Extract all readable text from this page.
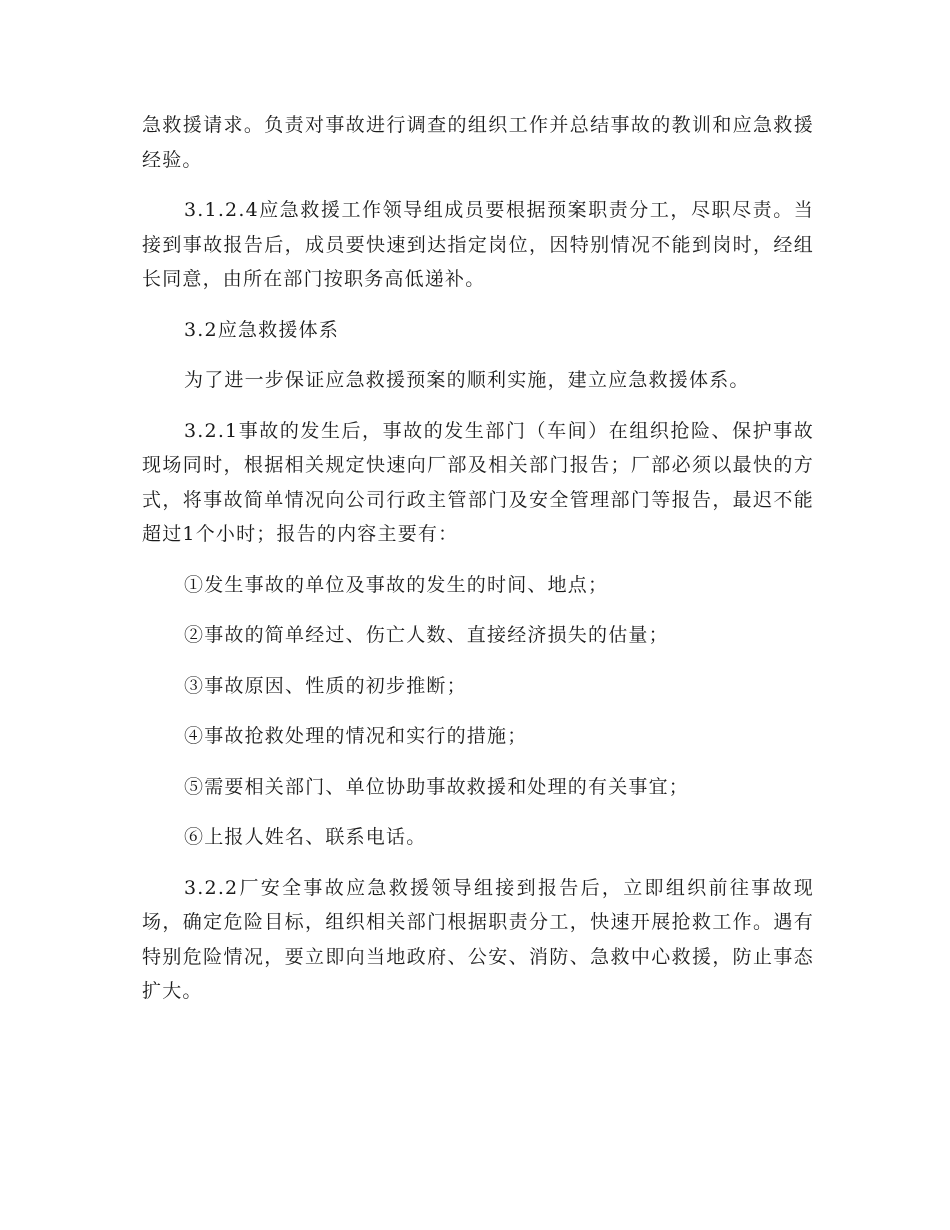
急救援请求。负责对事故进行调查的组织工作并总结事故的教训和应急救援经验。

3.1.2.4应急救援工作领导组成员要根据预案职责分工，尽职尽责。当接到事故报告后，成员要快速到达指定岗位，因特别情况不能到岗时，经组长同意，由所在部门按职务高低递补。

3.2应急救援体系

为了进一步保证应急救援预案的顺利实施，建立应急救援体系。

3.2.1事故的发生后，事故的发生部门（车间）在组织抢险、保护事故现场同时，根据相关规定快速向厂部及相关部门报告；厂部必须以最快的方式，将事故简单情况向公司行政主管部门及安全管理部门等报告，最迟不能超过1个小时；报告的内容主要有：

①发生事故的单位及事故的发生的时间、地点；

②事故的简单经过、伤亡人数、直接经济损失的估量；

③事故原因、性质的初步推断；

④事故抢救处理的情况和实行的措施；

⑤需要相关部门、单位协助事故救援和处理的有关事宜；

⑥上报人姓名、联系电话。

3.2.2厂安全事故应急救援领导组接到报告后，立即组织前往事故现场，确定危险目标，组织相关部门根据职责分工，快速开展抢救工作。遇有特别危险情况，要立即向当地政府、公安、消防、急救中心救援，防止事态扩大。
